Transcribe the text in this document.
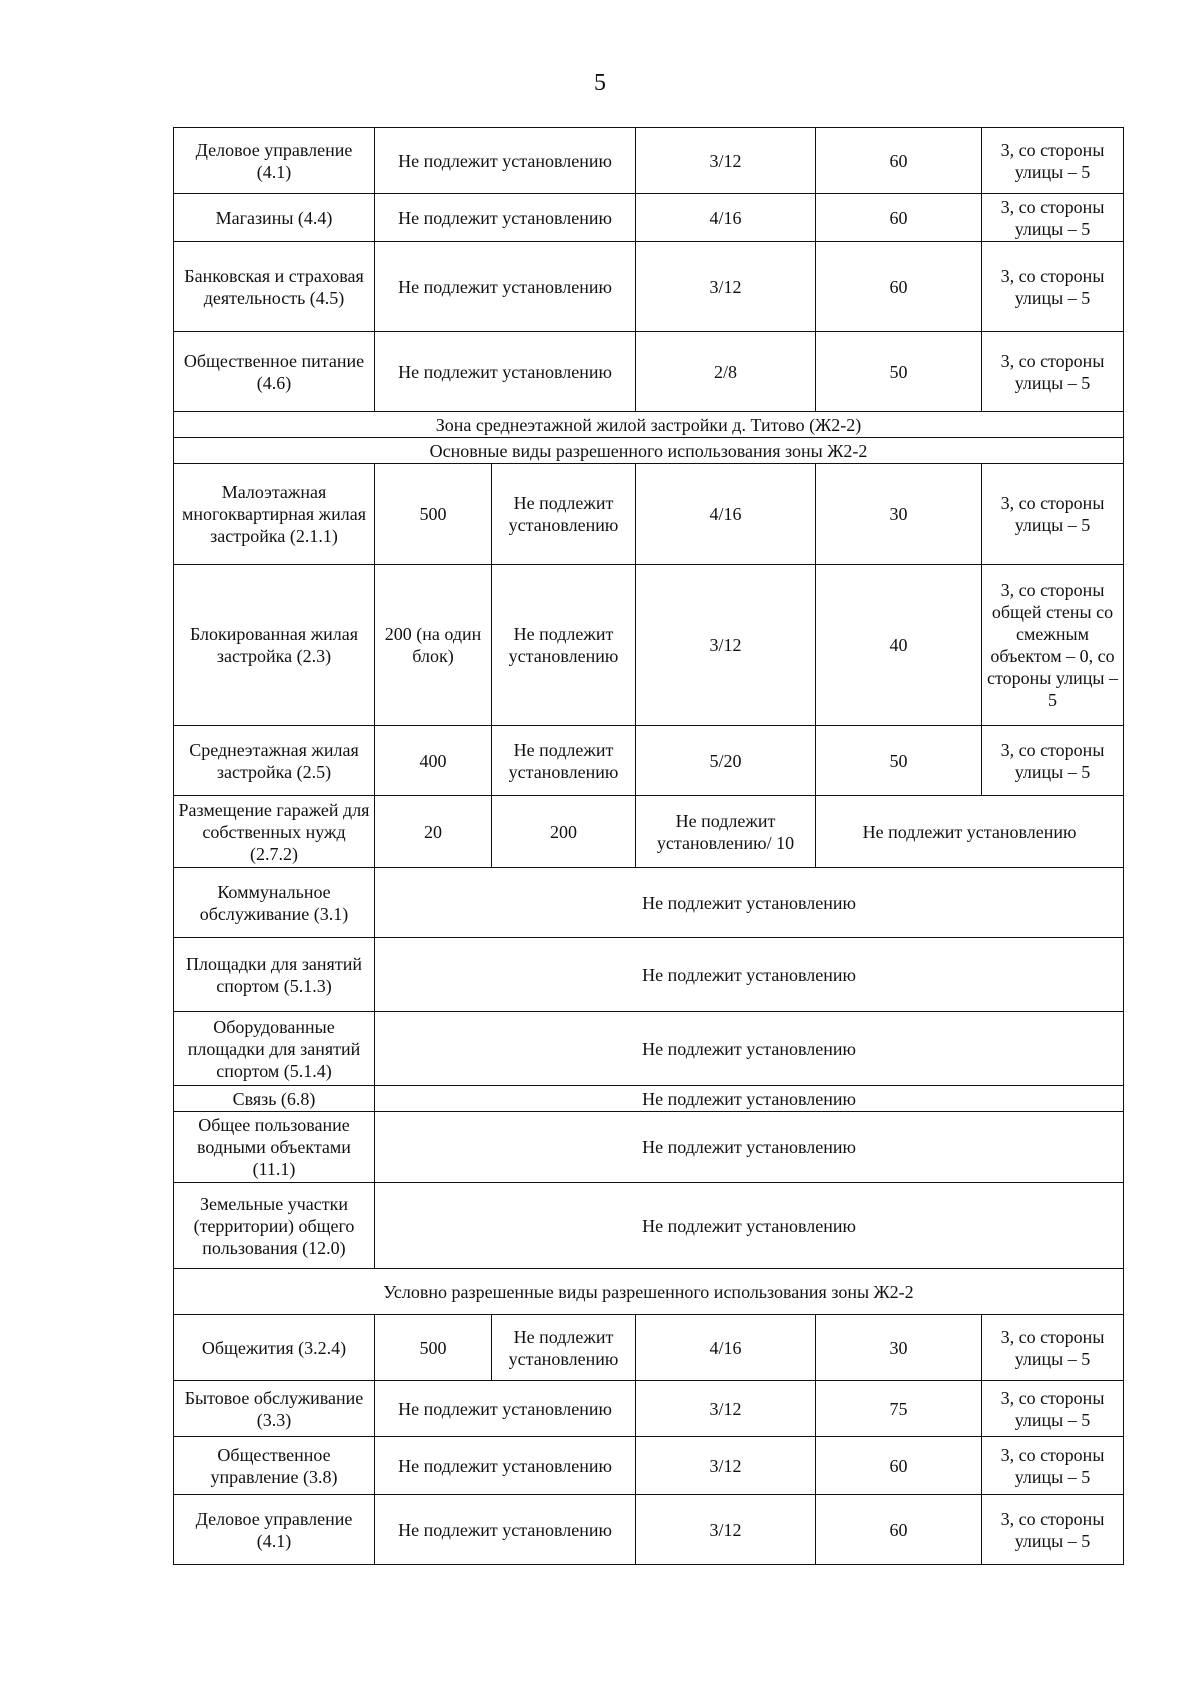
5
Деловое управление (4.1)	Не подлежит установлению		3/12	60	3, со стороны улицы – 5
Магазины (4.4)	Не подлежит установлению		4/16	60	3, со стороны улицы – 5
Банковская и страховая деятельность (4.5)	Не подлежит установлению		3/12	60	3, со стороны улицы – 5
Общественное питание (4.6)	Не подлежит установлению		2/8	50	3, со стороны улицы – 5
Зона среднеэтажной жилой застройки д. Титово (Ж2-2)					
Основные виды разрешенного использования зоны Ж2-2					
Малоэтажная многоквартирная жилая застройка (2.1.1)	500	Не подлежит установлению	4/16	30	3, со стороны улицы – 5
Блокированная жилая застройка (2.3)	200 (на один блок)	Не подлежит установлению	3/12	40	3, со стороны общей стены со смежным объектом – 0, со стороны улицы – 5
Среднеэтажная жилая застройка (2.5)	400	Не подлежит установлению	5/20	50	3, со стороны улицы – 5
Размещение гаражей для собственных нужд (2.7.2)	20	200	Не подлежит установлению/ 10	Не подлежит установлению	
Коммунальное обслуживание (3.1)	Не подлежит установлению				
Площадки для занятий спортом (5.1.3)	Не подлежит установлению				
Оборудованные площадки для занятий спортом (5.1.4)	Не подлежит установлению				
Связь (6.8)	Не подлежит установлению				
Общее пользование водными объектами (11.1)	Не подлежит установлению				
Земельные участки (территории) общего пользования (12.0)	Не подлежит установлению				
Условно разрешенные виды разрешенного использования зоны Ж2-2					
Общежития (3.2.4)	500	Не подлежит установлению	4/16	30	3, со стороны улицы – 5
Бытовое обслуживание (3.3)	Не подлежит установлению		3/12	75	3, со стороны улицы – 5
Общественное управление (3.8)	Не подлежит установлению		3/12	60	3, со стороны улицы – 5
Деловое управление (4.1)	Не подлежит установлению		3/12	60	3, со стороны улицы – 5
